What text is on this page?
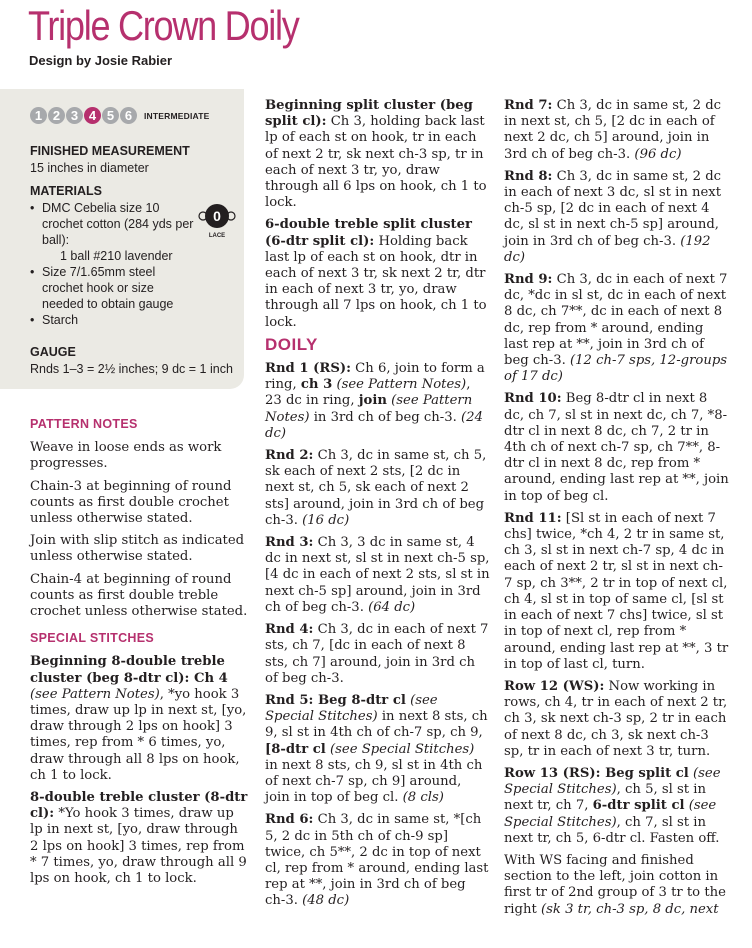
Triple Crown Doily
Design by Josie Rabier
1 2 3 4 5 6	INTERMEDIATE
FINISHED MEASUREMENT
15 inches in diameter
MATERIALS
• DMC Cebelia size 10 crochet cotton (284 yds per ball):
1 ball #210 lavender
• Size 7/1.65mm steel crochet hook or size needed to obtain gauge
• Starch
0
LACE
GAUGE
Rnds 1–3 = 2½ inches; 9 dc = 1 inch
PATTERN NOTES

Weave in loose ends as work progresses.

Chain-3 at beginning of round counts as first double crochet unless otherwise stated.

Join with slip stitch as indicated unless otherwise stated.

Chain-4 at beginning of round counts as first double treble crochet unless otherwise stated.

SPECIAL STITCHES

Beginning 8-double treble cluster (beg 8-dtr cl): Ch 4 (see Pattern Notes), *yo hook 3 times, draw up lp in next st, [yo, draw through 2 lps on hook] 3 times, rep from * 6 times, yo, draw through all 8 lps on hook, ch 1 to lock.

8-double treble cluster (8-dtr cl): *Yo hook 3 times, draw up lp in next st, [yo, draw through 2 lps on hook] 3 times, rep from * 7 times, yo, draw through all 9 lps on hook, ch 1 to lock.

Beginning split cluster (beg split cl): Ch 3, holding back last lp of each st on hook, tr in each of next 2 tr, sk next ch-3 sp, tr in each of next 3 tr, yo, draw through all 6 lps on hook, ch 1 to lock.

6-double treble split cluster (6-dtr split cl): Holding back last lp of each st on hook, dtr in each of next 3 tr, sk next 2 tr, dtr in each of next 3 tr, yo, draw through all 7 lps on hook, ch 1 to lock.

DOILY

Rnd 1 (RS): Ch 6, join to form a ring, ch 3 (see Pattern Notes), 23 dc in ring, join (see Pattern Notes) in 3rd ch of beg ch-3. (24 dc)

Rnd 2: Ch 3, dc in same st, ch 5, sk each of next 2 sts, [2 dc in next st, ch 5, sk each of next 2 sts] around, join in 3rd ch of beg ch-3. (16 dc)

Rnd 3: Ch 3, 3 dc in same st, 4 dc in next st, sl st in next ch-5 sp, [4 dc in each of next 2 sts, sl st in next ch-5 sp] around, join in 3rd ch of beg ch-3. (64 dc)

Rnd 4: Ch 3, dc in each of next 7 sts, ch 7, [dc in each of next 8 sts, ch 7] around, join in 3rd ch of beg ch-3.

Rnd 5: Beg 8-dtr cl (see Special Stitches) in next 8 sts, ch 9, sl st in 4th ch of ch-7 sp, ch 9, [8-dtr cl (see Special Stitches) in next 8 sts, ch 9, sl st in 4th ch of next ch-7 sp, ch 9] around, join in top of beg cl. (8 cls)

Rnd 6: Ch 3, dc in same st, *[ch 5, 2 dc in 5th ch of ch-9 sp] twice, ch 5**, 2 dc in top of next cl, rep from * around, ending last rep at **, join in 3rd ch of beg ch-3. (48 dc)

Rnd 7: Ch 3, dc in same st, 2 dc in next st, ch 5, [2 dc in each of next 2 dc, ch 5] around, join in 3rd ch of beg ch-3. (96 dc)

Rnd 8: Ch 3, dc in same st, 2 dc in each of next 3 dc, sl st in next ch-5 sp, [2 dc in each of next 4 dc, sl st in next ch-5 sp] around, join in 3rd ch of beg ch-3. (192 dc)

Rnd 9: Ch 3, dc in each of next 7 dc, *dc in sl st, dc in each of next 8 dc, ch 7**, dc in each of next 8 dc, rep from * around, ending last rep at **, join in 3rd ch of beg ch-3. (12 ch-7 sps, 12-groups of 17 dc)

Rnd 10: Beg 8-dtr cl in next 8 dc, ch 7, sl st in next dc, ch 7, *8-dtr cl in next 8 dc, ch 7, 2 tr in 4th ch of next ch-7 sp, ch 7**, 8-dtr cl in next 8 dc, rep from * around, ending last rep at **, join in top of beg cl.

Rnd 11: [Sl st in each of next 7 chs] twice, *ch 4, 2 tr in same st, ch 3, sl st in next ch-7 sp, 4 dc in each of next 2 tr, sl st in next ch-7 sp, ch 3**, 2 tr in top of next cl, ch 4, sl st in top of same cl, [sl st in each of next 7 chs] twice, sl st in top of next cl, rep from * around, ending last rep at **, 3 tr in top of last cl, turn.

Row 12 (WS): Now working in rows, ch 4, tr in each of next 2 tr, ch 3, sk next ch-3 sp, 2 tr in each of next 8 dc, ch 3, sk next ch-3 sp, tr in each of next 3 tr, turn.

Row 13 (RS): Beg split cl (see Special Stitches), ch 5, sl st in next tr, ch 7, 6-dtr split cl (see Special Stitches), ch 7, sl st in next tr, ch 5, 6-dtr cl. Fasten off.

With WS facing and finished section to the left, join cotton in first tr of 2nd group of 3 tr to the right (sk 3 tr, ch-3 sp, 8 dc, next
